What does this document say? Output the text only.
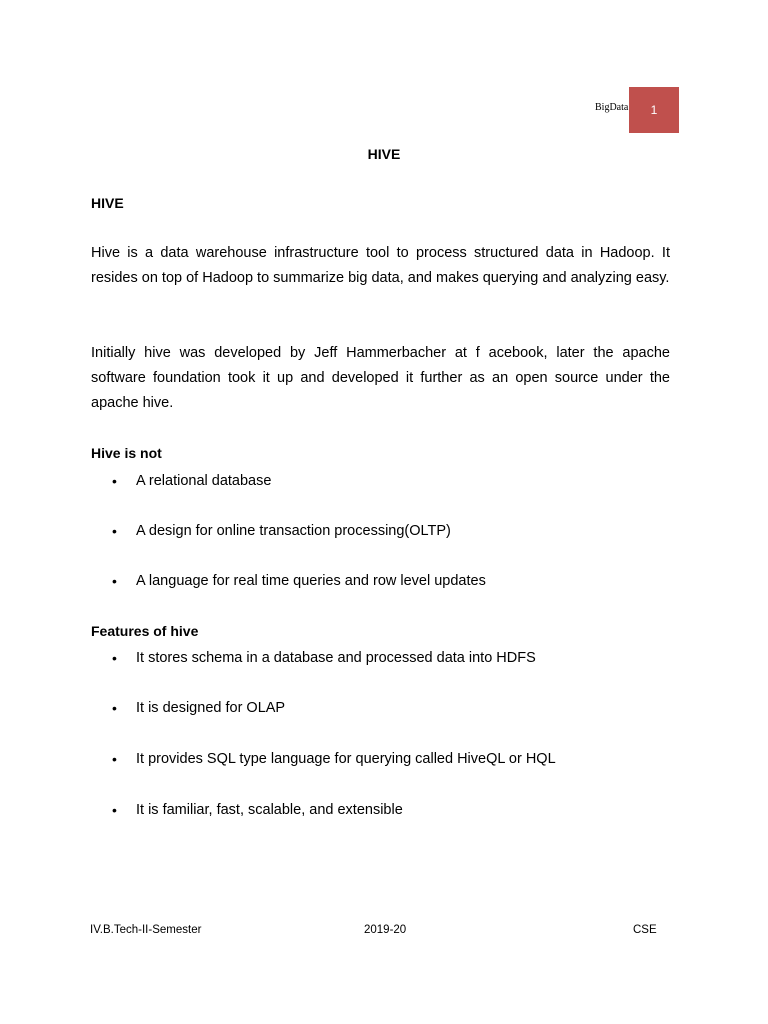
BigData 1
HIVE
HIVE

Hive is a data warehouse infrastructure tool to process structured data in Hadoop. It resides on top of Hadoop to summarize big data, and makes querying and analyzing easy.

Initially hive was developed by Jeff Hammerbacher at f acebook, later the apache software foundation took it up and developed it further as an open source under the apache hive.

Hive is not
• A relational database
• A design for online transaction processing(OLTP)
• A language for real time queries and row level updates
Features of hive
• It stores schema in a database and processed data into HDFS
• It is designed for OLAP
• It provides SQL type language for querying called HiveQL or HQL
• It is familiar, fast, scalable, and extensible
IV.B.Tech-II-Semester	2019-20	CSE
